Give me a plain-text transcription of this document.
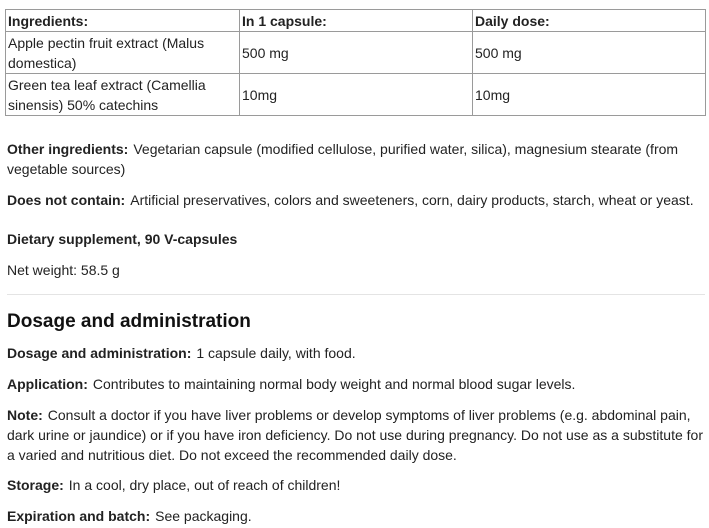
Ingredients:	In 1 capsule:	Daily dose:
Apple pectin fruit extract (Malus domestica)	500 mg	500 mg
Green tea leaf extract (Camellia sinensis) 50% catechins	10mg	10mg

Other ingredients: Vegetarian capsule (modified cellulose, purified water, silica), magnesium stearate (from vegetable sources)

Does not contain: Artificial preservatives, colors and sweeteners, corn, dairy products, starch, wheat or yeast.

Dietary supplement, 90 V-capsules

Net weight: 58.5 g

Dosage and administration

Dosage and administration: 1 capsule daily, with food.

Application: Contributes to maintaining normal body weight and normal blood sugar levels.

Note: Consult a doctor if you have liver problems or develop symptoms of liver problems (e.g. abdominal pain, dark urine or jaundice) or if you have iron deficiency. Do not use during pregnancy. Do not use as a substitute for a varied and nutritious diet. Do not exceed the recommended daily dose.

Storage: In a cool, dry place, out of reach of children!

Expiration and batch: See packaging.
